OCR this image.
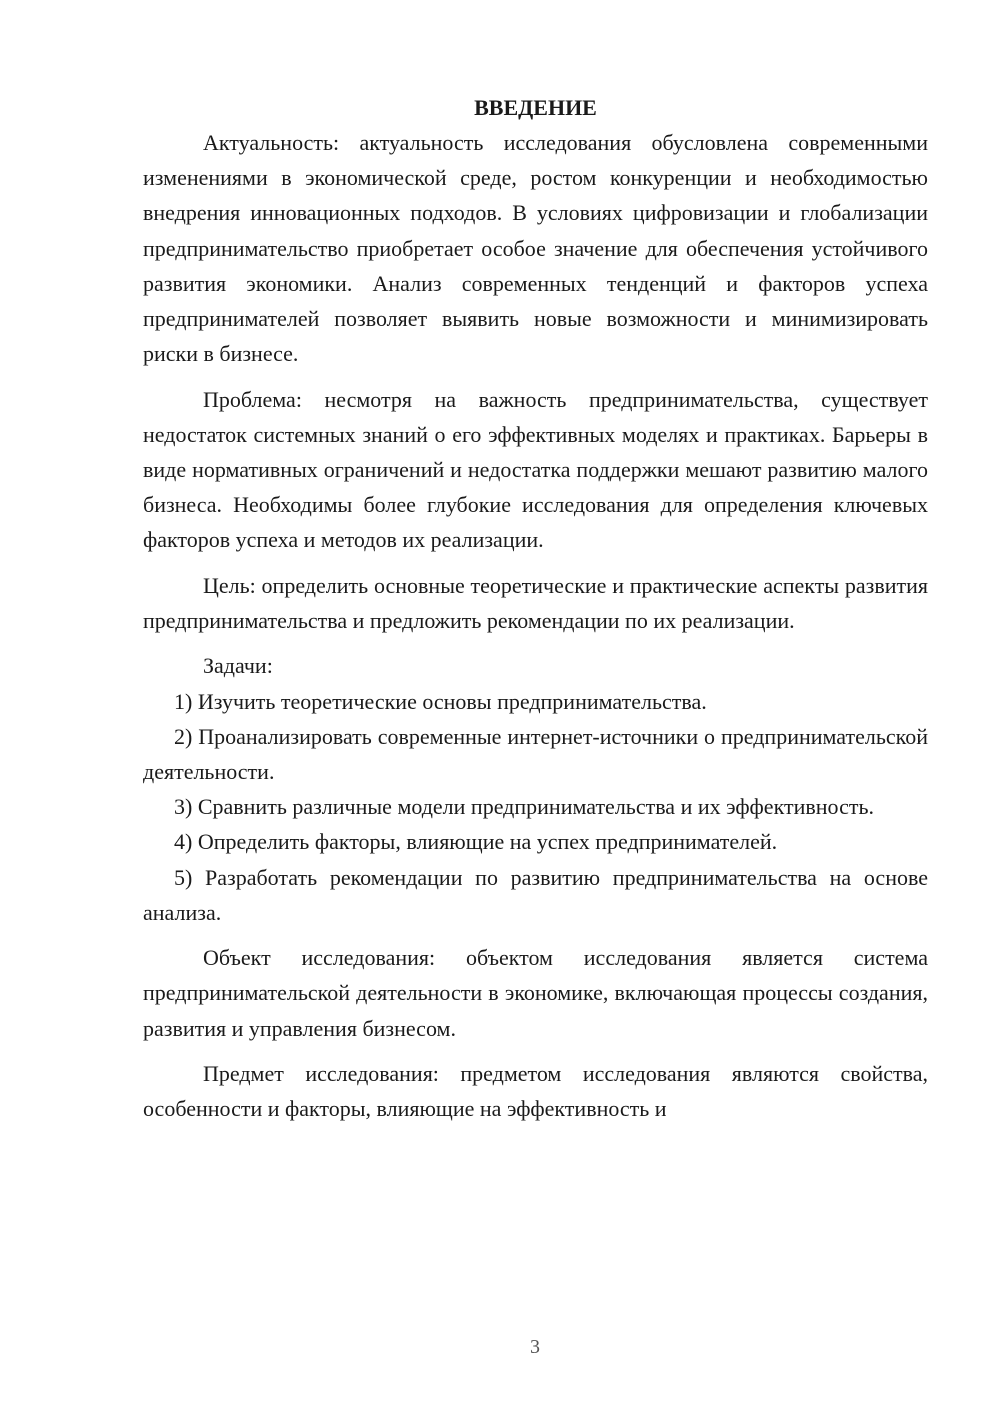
ВВЕДЕНИЕ

Актуальность: актуальность исследования обусловлена современными изменениями в экономической среде, ростом конкуренции и необходимостью внедрения инновационных подходов. В условиях цифровизации и глобализации предпринимательство приобретает особое значение для обеспечения устойчивого развития экономики. Анализ современных тенденций и факторов успеха предпринимателей позволяет выявить новые возможности и минимизировать риски в бизнесе.

Проблема: несмотря на важность предпринимательства, существует недостаток системных знаний о его эффективных моделях и практиках. Барьеры в виде нормативных ограничений и недостатка поддержки мешают развитию малого бизнеса. Необходимы более глубокие исследования для определения ключевых факторов успеха и методов их реализации.

Цель: определить основные теоретические и практические аспекты развития предпринимательства и предложить рекомендации по их реализации.

Задачи:

1) Изучить теоретические основы предпринимательства.

2) Проанализировать современные интернет-источники о предпринимательской деятельности.

3) Сравнить различные модели предпринимательства и их эффективность.

4) Определить факторы, влияющие на успех предпринимателей.

5) Разработать рекомендации по развитию предпринимательства на основе анализа.

Объект исследования: объектом исследования является система предпринимательской деятельности в экономике, включающая процессы создания, развития и управления бизнесом.

Предмет исследования: предметом исследования являются свойства, особенности и факторы, влияющие на эффективность и

3
